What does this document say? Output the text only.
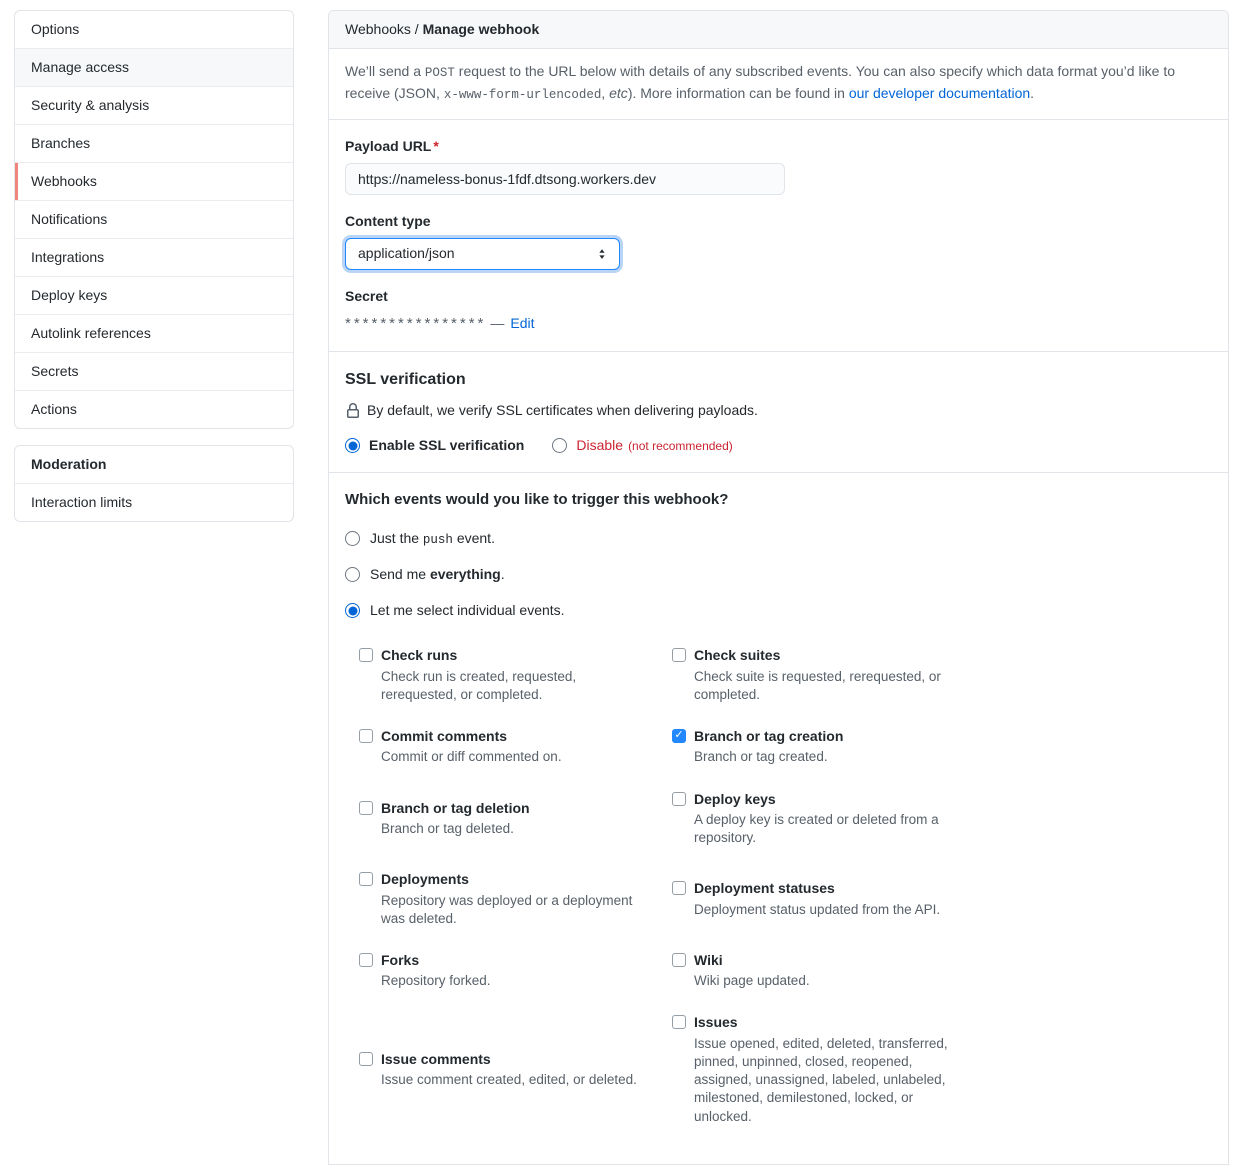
Options
Manage access
Security & analysis
Branches
Webhooks
Notifications
Integrations
Deploy keys
Autolink references
Secrets
Actions
Moderation
Interaction limits
Webhooks / Manage webhook
We’ll send a POST request to the URL below with details of any subscribed events. You can also specify which data format you’d like to receive (JSON, x-www-form-urlencoded, etc). More information can be found in our developer documentation.
Payload URL *
https://nameless-bonus-1fdf.dtsong.workers.dev
Content type
application/json
Secret
**************** — Edit
SSL verification
By default, we verify SSL certificates when delivering payloads.
Enable SSL verification	Disable (not recommended)
Which events would you like to trigger this webhook?
Just the push event.
Send me everything.
Let me select individual events.
Check runs
Check run is created, requested, rerequested, or completed.
Check suites
Check suite is requested, rerequested, or completed.
Commit comments
Commit or diff commented on.
✓
Branch or tag creation
Branch or tag created.
Branch or tag deletion
Branch or tag deleted.
Deploy keys
A deploy key is created or deleted from a repository.
Deployments
Repository was deployed or a deployment was deleted.
Deployment statuses
Deployment status updated from the API.
Forks
Repository forked.
Wiki
Wiki page updated.
Issue comments
Issue comment created, edited, or deleted.
Issues
Issue opened, edited, deleted, transferred, pinned, unpinned, closed, reopened, assigned, unassigned, labeled, unlabeled, milestoned, demilestoned, locked, or unlocked.
